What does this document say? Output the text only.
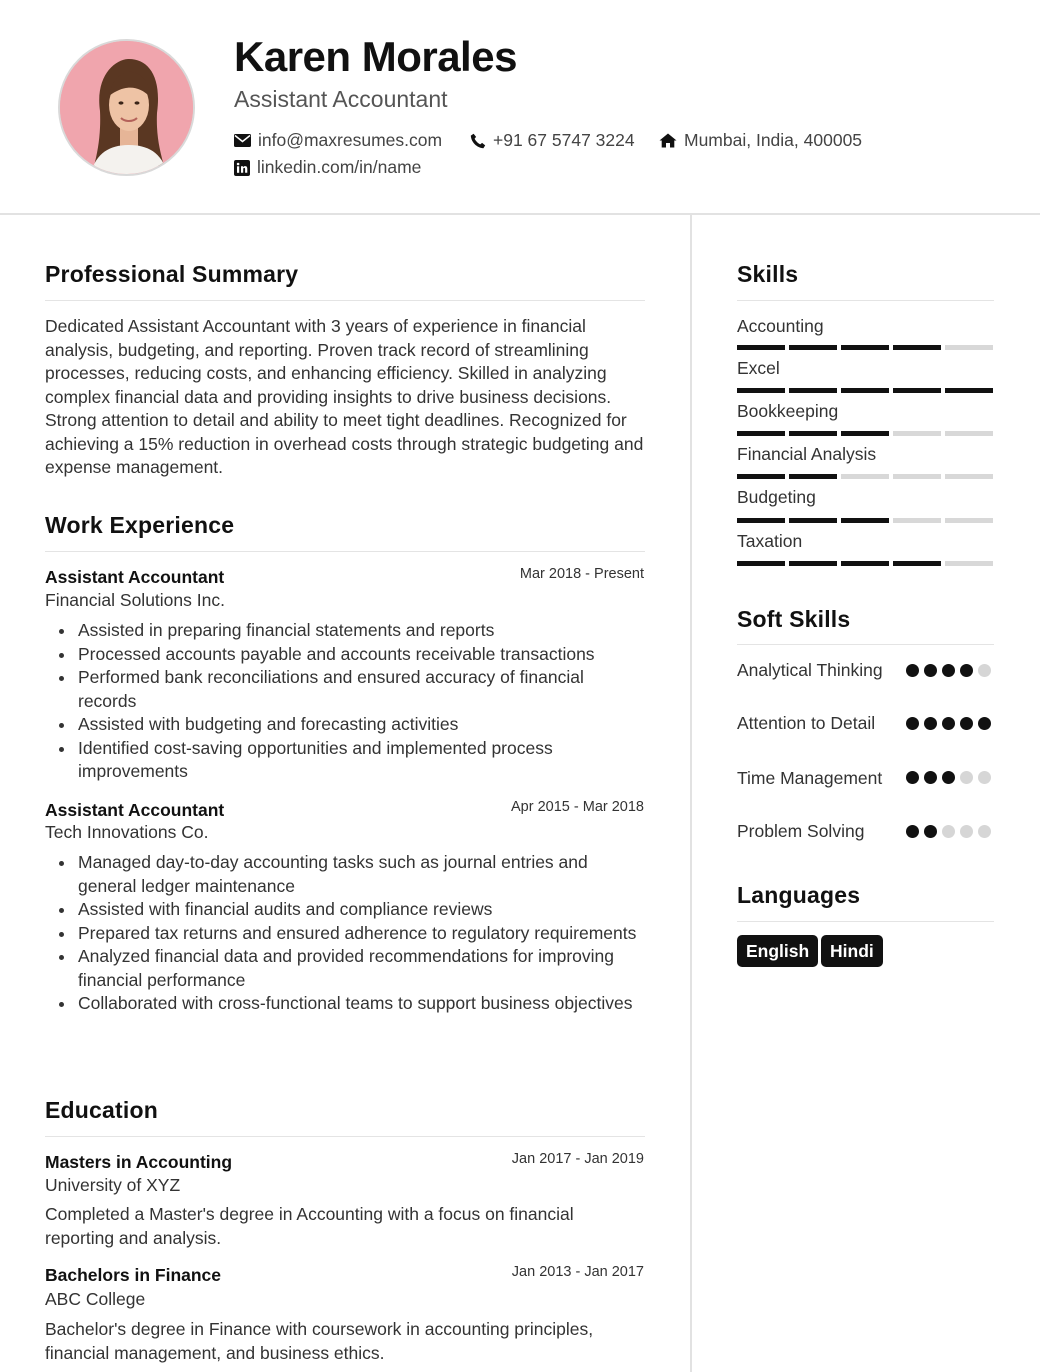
Karen Morales
Assistant Accountant
info@maxresumes.com	+91 67 5747 3224	Mumbai, India, 400005
linkedin.com/in/name
Professional Summary
Dedicated Assistant Accountant with 3 years of experience in financial analysis, budgeting, and reporting. Proven track record of streamlining processes, reducing costs, and enhancing efficiency. Skilled in analyzing complex financial data and providing insights to drive business decisions. Strong attention to detail and ability to meet tight deadlines. Recognized for achieving a 15% reduction in overhead costs through strategic budgeting and expense management.
Work Experience
Assistant Accountant	Mar 2018 - Present
Financial Solutions Inc.
Assisted in preparing financial statements and reports
Processed accounts payable and accounts receivable transactions
Performed bank reconciliations and ensured accuracy of financial records
Assisted with budgeting and forecasting activities
Identified cost-saving opportunities and implemented process improvements
Assistant Accountant	Apr 2015 - Mar 2018
Tech Innovations Co.
Managed day-to-day accounting tasks such as journal entries and general ledger maintenance
Assisted with financial audits and compliance reviews
Prepared tax returns and ensured adherence to regulatory requirements
Analyzed financial data and provided recommendations for improving financial performance
Collaborated with cross-functional teams to support business objectives
Education
Masters in Accounting	Jan 2017 - Jan 2019
University of XYZ
Completed a Master's degree in Accounting with a focus on financial reporting and analysis.
Bachelors in Finance	Jan 2013 - Jan 2017
ABC College
Bachelor's degree in Finance with coursework in accounting principles, financial management, and business ethics.
Skills
Accounting
Excel
Bookkeeping
Financial Analysis
Budgeting
Taxation
Soft Skills
Analytical Thinking
Attention to Detail
Time Management
Problem Solving
Languages
English	Hindi
